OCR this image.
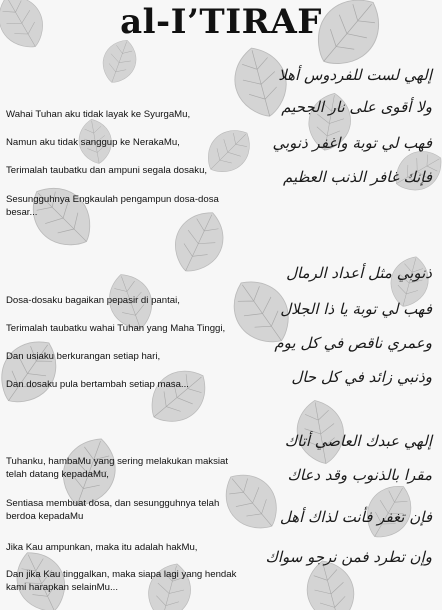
al-I’TIRAF
Wahai Tuhan aku tidak layak ke SyurgaMu,
Namun aku tidak sanggup ke NerakaMu,
Terimalah taubatku dan ampuni segala dosaku,
Sesungguhnya Engkaulah pengampun dosa-dosa besar...
Dosa-dosaku bagaikan pepasir di pantai,
Terimalah taubatku wahai Tuhan yang Maha Tinggi,
Dan usiaku berkurangan setiap hari,
Dan dosaku pula bertambah setiap masa...
Tuhanku, hambaMu yang sering melakukan maksiat telah datang kepadaMu,
Sentiasa membuat dosa, dan sesungguhnya telah berdoa kepadaMu
Jika Kau ampunkan, maka itu adalah hakMu,
Dan jika Kau tinggalkan, maka siapa lagi yang hendak kami harapkan selainMu...
إلهي لست للفردوس أهلا
ولا أقوى على نار الجحيم
فهب لي توبة واغفر ذنوبي
فإنك غافر الذنب العظيم
ذنوبي مثل أعداد الرمال
فهب لي توبة يا ذا الجلال
وعمري ناقص في كل يوم
وذنبي زائد في كل حال
إلهي عبدك العاصي أتاك
مقرا بالذنوب وقد دعاك
فإن تغفر فأنت لذاك أهل
وإن تطرد فمن نرجو سواك
